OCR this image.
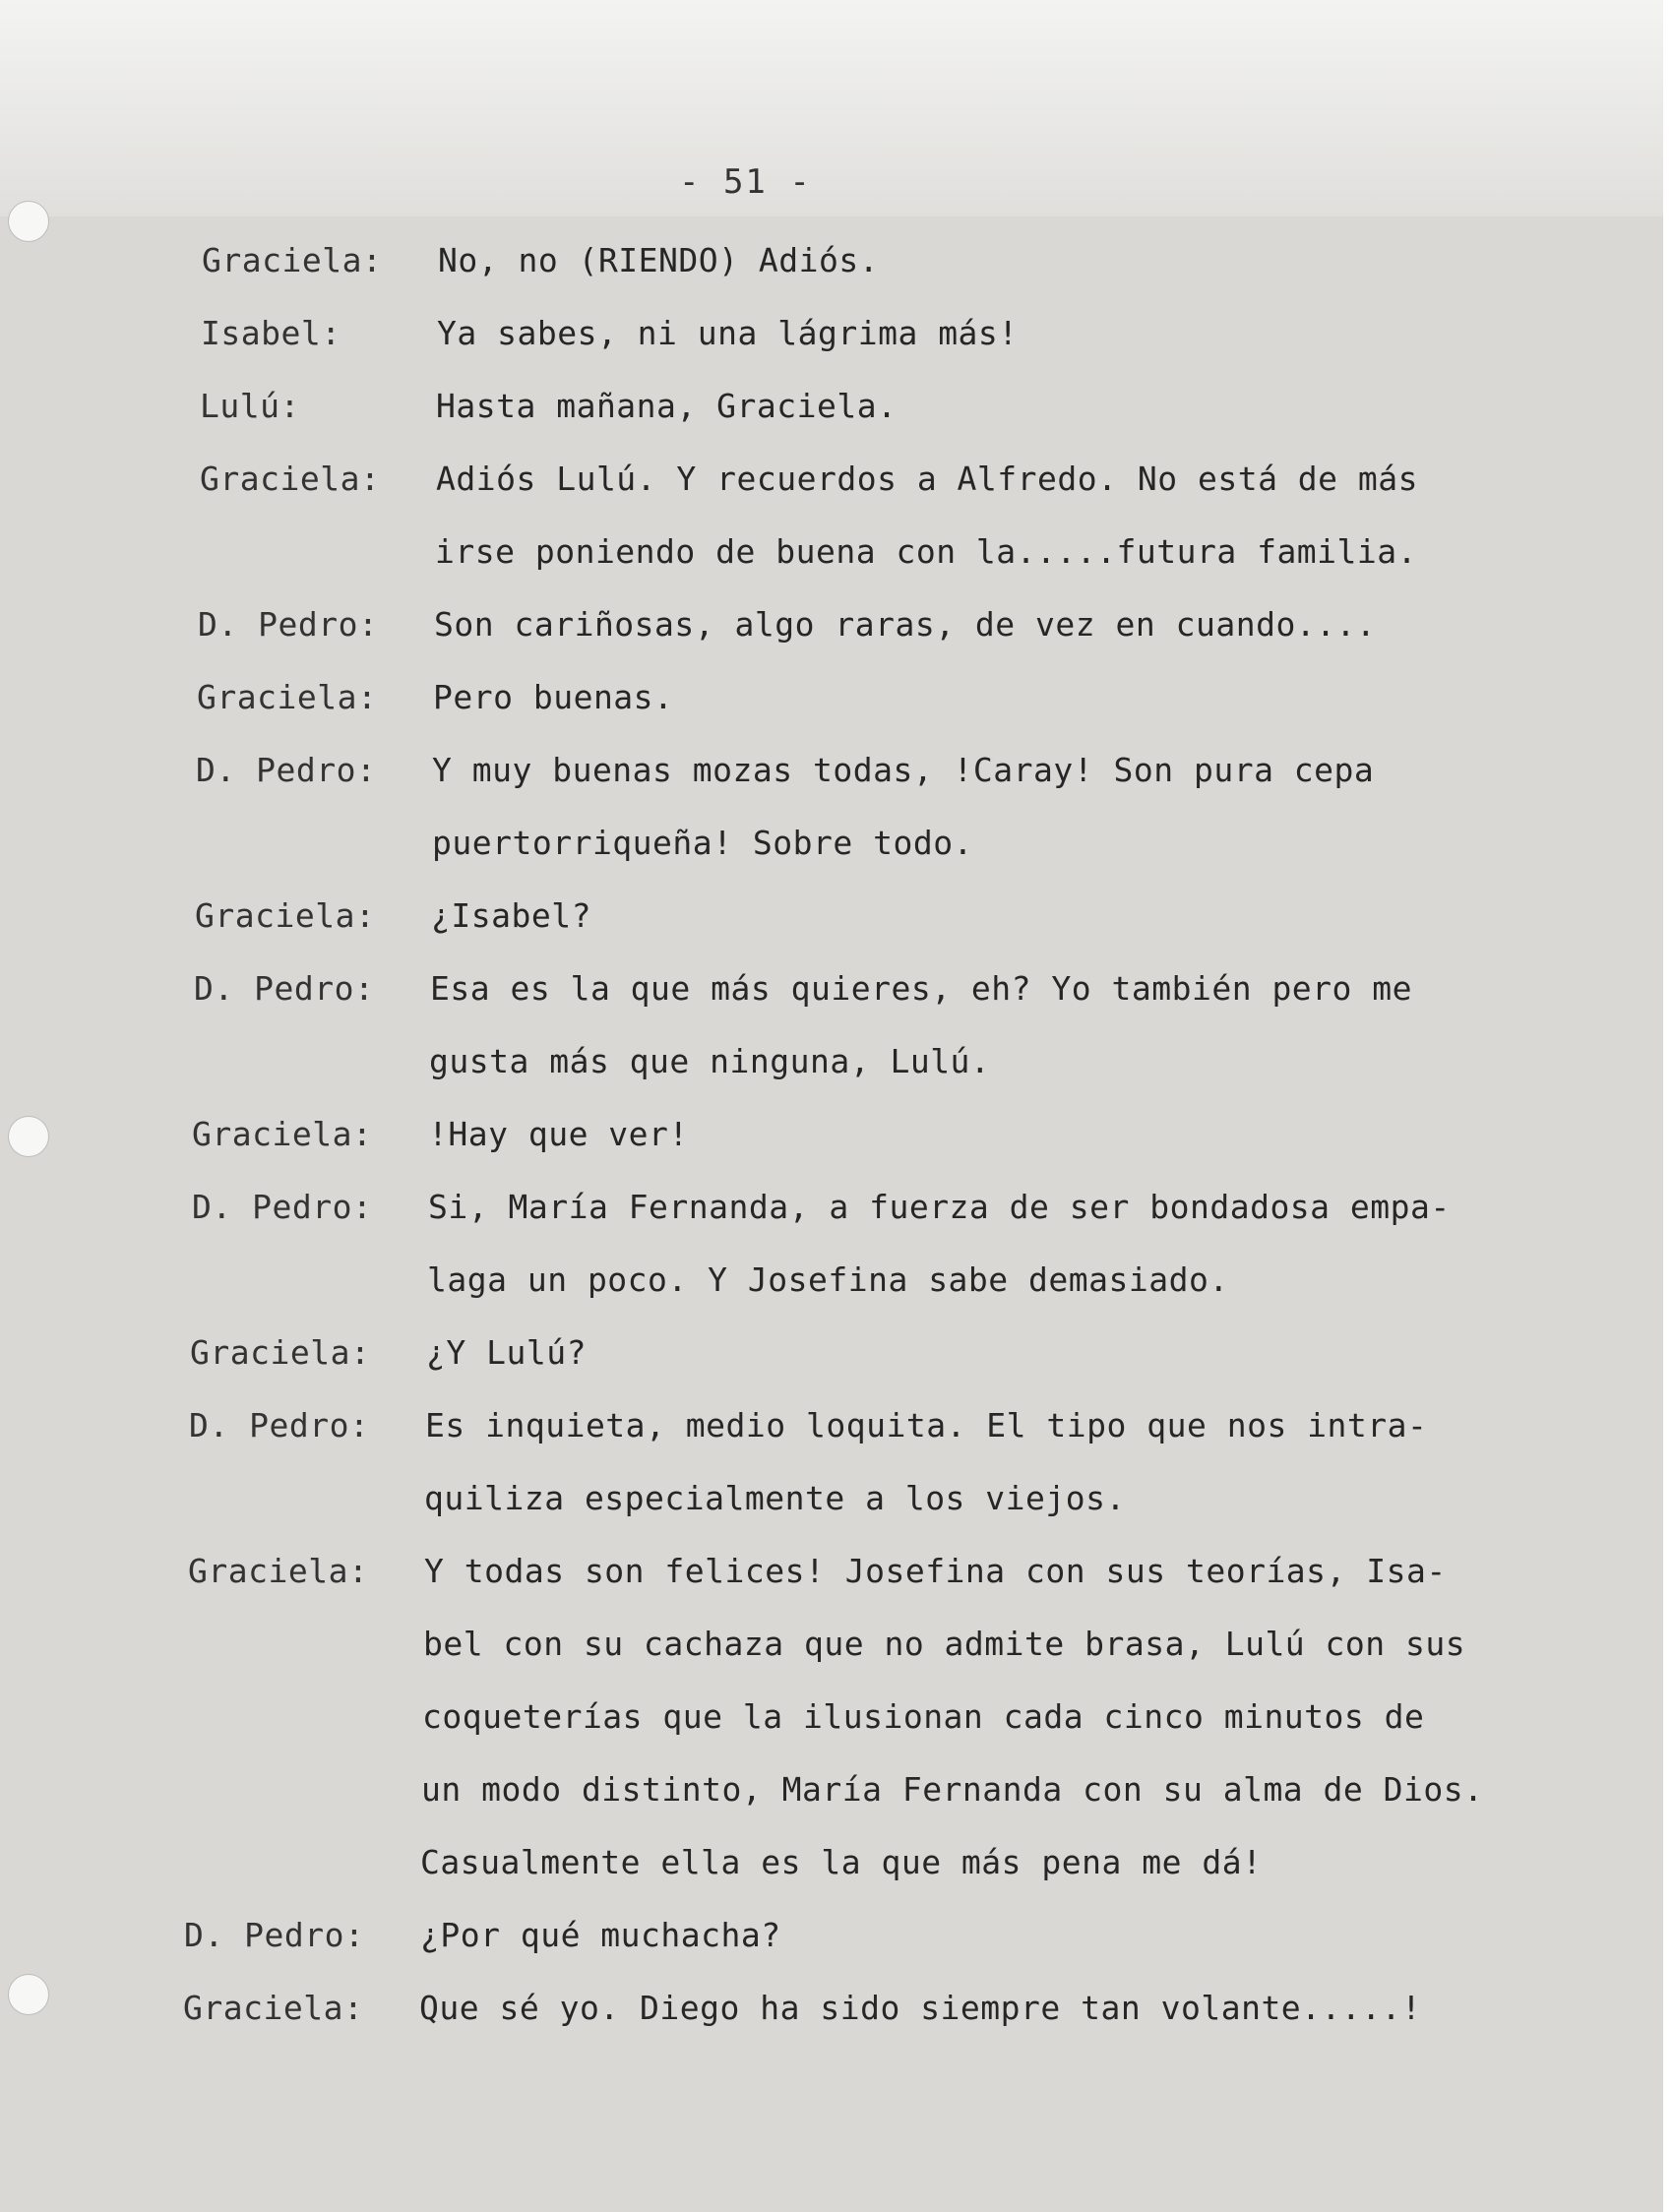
- 51 -
Graciela: No, no (RIENDO) Adiós.
Isabel:	Ya sabes, ni una lágrima más!
Lulú:	Hasta mañana, Graciela.
Graciela: Adiós Lulú. Y recuerdos a Alfredo. No está de más
irse poniendo de buena con la.....futura familia.
D. Pedro: Son cariñosas, algo raras, de vez en cuando....
Graciela: Pero buenas.
D. Pedro: Y muy buenas mozas todas, !Caray! Son pura cepa
puertorriqueña! Sobre todo.
Graciela: ¿Isabel?
D. Pedro: Esa es la que más quieres, eh? Yo también pero me
gusta más que ninguna, Lulú.
Graciela: !Hay que ver!
D. Pedro: Si, María Fernanda, a fuerza de ser bondadosa empa-
laga un poco. Y Josefina sabe demasiado.
Graciela: ¿Y Lulú?
D. Pedro: Es inquieta, medio loquita. El tipo que nos intra-
quiliza especialmente a los viejos.
Graciela: Y todas son felices! Josefina con sus teorías, Isa-
bel con su cachaza que no admite brasa, Lulú con sus
coqueterías que la ilusionan cada cinco minutos de
un modo distinto, María Fernanda con su alma de Dios.
Casualmente ella es la que más pena me dá!
D. Pedro: ¿Por qué muchacha?
Graciela: Que sé yo. Diego ha sido siempre tan volante.....!
